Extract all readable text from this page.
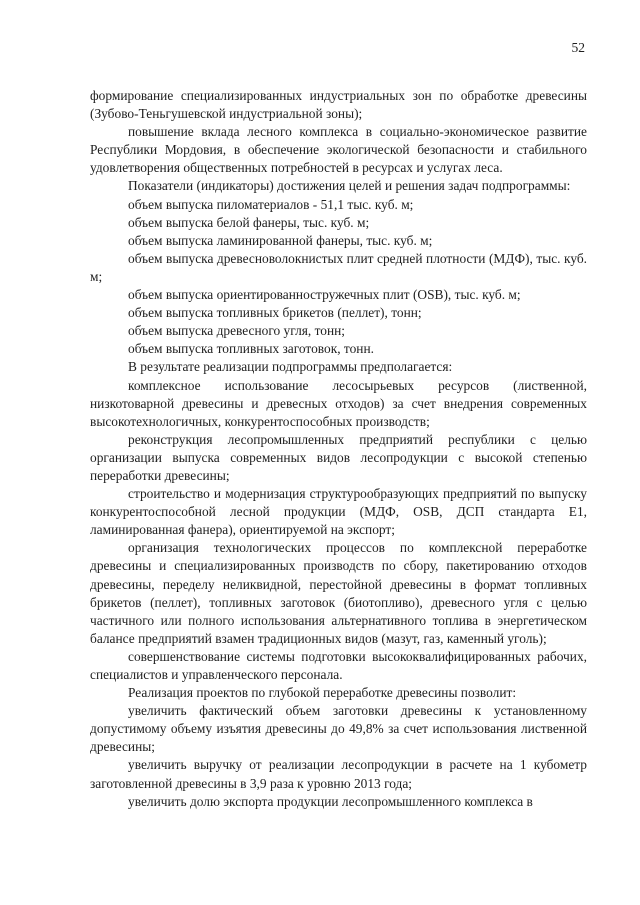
52

формирование специализированных индустриальных зон по обработке древесины (Зубово-Теньгушевской индустриальной зоны);

повышение вклада лесного комплекса в социально-экономическое развитие Республики Мордовия, в обеспечение экологической безопасности и стабильного удовлетворения общественных потребностей в ресурсах и услугах леса.

Показатели (индикаторы) достижения целей и решения задач подпрограммы:

объем выпуска пиломатериалов - 51,1 тыс. куб. м;

объем выпуска белой фанеры, тыс. куб. м;

объем выпуска ламинированной фанеры, тыс. куб. м;

объем выпуска древесноволокнистых плит средней плотности (МДФ), тыс. куб. м;

объем выпуска ориентированностружечных плит (OSB), тыс. куб. м;

объем выпуска топливных брикетов (пеллет), тонн;

объем выпуска древесного угля, тонн;

объем выпуска топливных заготовок, тонн.

В результате реализации подпрограммы предполагается:

комплексное использование лесосырьевых ресурсов (лиственной, низкотоварной древесины и древесных отходов) за счет внедрения современных высокотехнологичных, конкурентоспособных производств;

реконструкция лесопромышленных предприятий республики с целью организации выпуска современных видов лесопродукции с высокой степенью переработки древесины;

строительство и модернизация структурообразующих предприятий по выпуску конкурентоспособной лесной продукции (МДФ, OSB, ДСП стандарта Е1, ламинированная фанера), ориентируемой на экспорт;

организация технологических процессов по комплексной переработке древесины и специализированных производств по сбору, пакетированию отходов древесины, переделу неликвидной, перестойной древесины в формат топливных брикетов (пеллет), топливных заготовок (биотопливо), древесного угля с целью частичного или полного использования альтернативного топлива в энергетическом балансе предприятий взамен традиционных видов (мазут, газ, каменный уголь);

совершенствование системы подготовки высококвалифицированных рабочих, специалистов и управленческого персонала.

Реализация проектов по глубокой переработке древесины позволит:

увеличить фактический объем заготовки древесины к установленному допустимому объему изъятия древесины до 49,8% за счет использования лиственной древесины;

увеличить выручку от реализации лесопродукции в расчете на 1 кубометр заготовленной древесины в 3,9 раза к уровню 2013 года;

увеличить долю экспорта продукции лесопромышленного комплекса в
